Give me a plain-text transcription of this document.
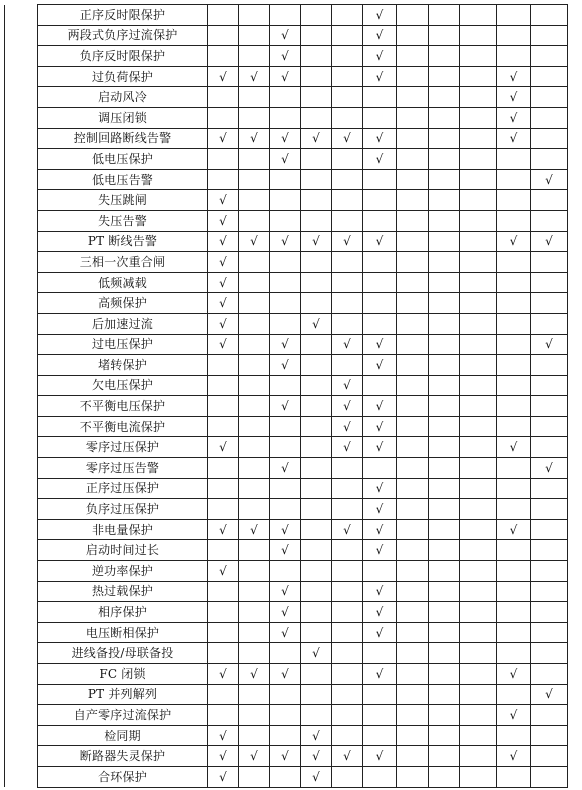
	正序反时限保护						√					
	两段式负序过流保护			√			√					
	负序反时限保护			√			√					
	过负荷保护	√	√	√			√				√	
	启动风冷										√	
	调压闭锁										√	
	控制回路断线告警	√	√	√	√	√	√				√	
	低电压保护			√			√					
	低电压告警											√
	失压跳闸	√										
	失压告警	√										
	PT 断线告警	√	√	√	√	√	√				√	√
	三相一次重合闸	√										
	低频减载	√										
	高频保护	√										
	后加速过流	√			√							
	过电压保护	√		√		√	√					√
	堵转保护			√			√					
	欠电压保护					√						
	不平衡电压保护			√		√	√					
	不平衡电流保护					√	√					
	零序过压保护	√				√	√				√	
	零序过压告警			√								√
	正序过压保护						√					
	负序过压保护						√					
	非电量保护	√	√	√		√	√				√	
	启动时间过长			√			√					
	逆功率保护	√										
	热过载保护			√			√					
	相序保护			√			√					
	电压断相保护			√			√					
	进线备投/母联备投				√							
	FC 闭锁	√	√	√			√				√	
	PT 并列解列											√
	自产零序过流保护										√	
	检同期	√			√							
	断路器失灵保护	√	√	√	√	√	√				√	
	合环保护	√			√							
